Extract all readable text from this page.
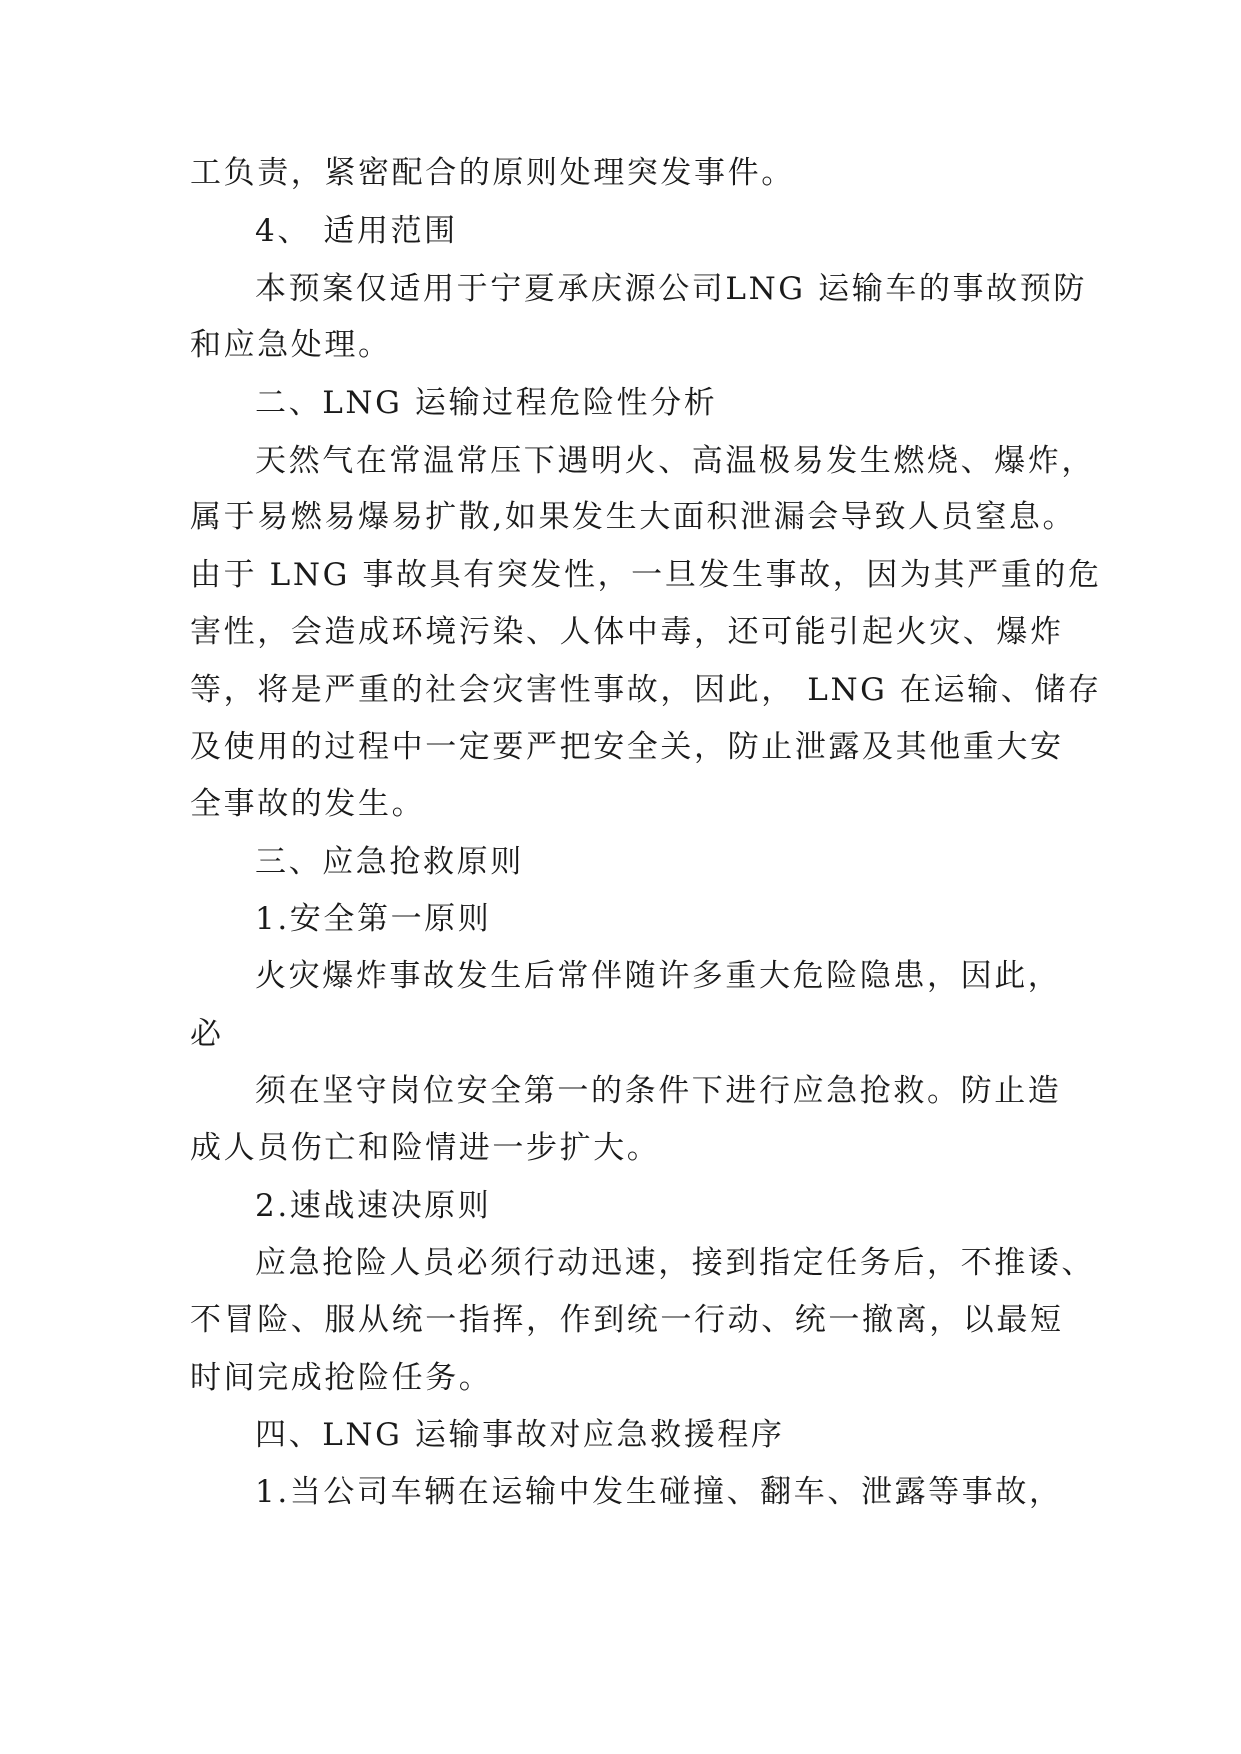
工负责，紧密配合的原则处理突发事件。

4、 适用范围

本预案仅适用于宁夏承庆源公司LNG 运输车的事故预防

和应急处理。

二、LNG 运输过程危险性分析

天然气在常温常压下遇明火、高温极易发生燃烧、爆炸，

属于易燃易爆易扩散,如果发生大面积泄漏会导致人员窒息。

由于 LNG 事故具有突发性，一旦发生事故，因为其严重的危

害性，会造成环境污染、人体中毒，还可能引起火灾、爆炸

等，将是严重的社会灾害性事故，因此， LNG 在运输、储存

及使用的过程中一定要严把安全关，防止泄露及其他重大安

全事故的发生。

三、应急抢救原则

1.安全第一原则

火灾爆炸事故发生后常伴随许多重大危险隐患，因此，

必

须在坚守岗位安全第一的条件下进行应急抢救。防止造

成人员伤亡和险情进一步扩大。

2.速战速决原则

应急抢险人员必须行动迅速，接到指定任务后，不推诿、

不冒险、服从统一指挥，作到统一行动、统一撤离，以最短

时间完成抢险任务。

四、LNG 运输事故对应急救援程序

1.当公司车辆在运输中发生碰撞、翻车、泄露等事故，
